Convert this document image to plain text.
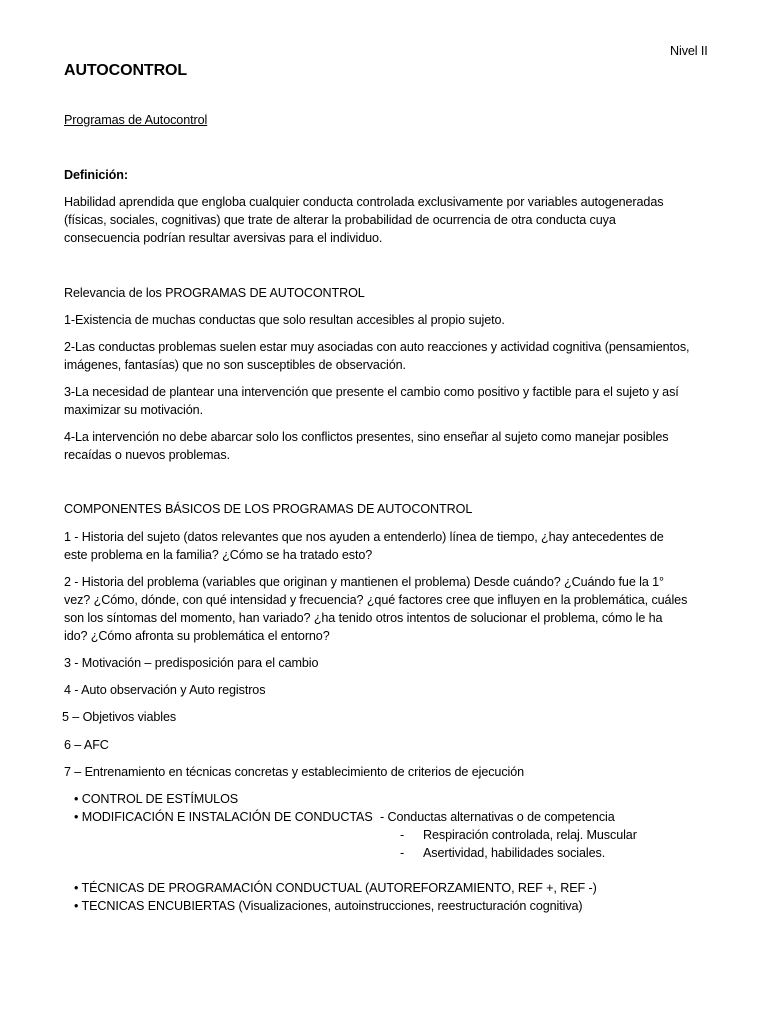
Nivel II
AUTOCONTROL
Programas de Autocontrol
Definición:
Habilidad aprendida que engloba cualquier conducta controlada exclusivamente por variables autogeneradas
(físicas, sociales, cognitivas) que trate de alterar la probabilidad de ocurrencia de otra conducta cuya
consecuencia podrían resultar aversivas para el individuo.
Relevancia de los PROGRAMAS DE AUTOCONTROL
1-Existencia de muchas conductas que solo resultan accesibles al propio sujeto.
2-Las conductas problemas suelen estar muy asociadas con auto reacciones y actividad cognitiva (pensamientos,
imágenes, fantasías) que no son susceptibles de observación.
3-La necesidad de plantear una intervención que presente el cambio como positivo y factible para el sujeto y así
maximizar su motivación.
4-La intervención no debe abarcar solo los conflictos presentes, sino enseñar al sujeto como manejar posibles
recaídas o nuevos problemas.
COMPONENTES BÁSICOS DE LOS PROGRAMAS DE AUTOCONTROL
1 - Historia del sujeto (datos relevantes que nos ayuden a entenderlo) línea de tiempo, ¿hay antecedentes de
este problema en la familia? ¿Cómo se ha tratado esto?
2 - Historia del problema (variables que originan y mantienen el problema) Desde cuándo? ¿Cuándo fue la 1°
vez? ¿Cómo, dónde, con qué intensidad y frecuencia? ¿qué factores cree que influyen en la problemática, cuáles
son los síntomas del momento, han variado? ¿ha tenido otros intentos de solucionar el problema, cómo le ha
ido? ¿Cómo afronta su problemática el entorno?
3 - Motivación – predisposición para el cambio
4 - Auto observación y Auto registros
5 – Objetivos viables
6 – AFC
7 – Entrenamiento en técnicas concretas y establecimiento de criterios de ejecución
• CONTROL DE ESTÍMULOS
• MODIFICACIÓN E INSTALACIÓN DE CONDUCTAS - Conductas alternativas o de competencia
- Respiración controlada, relaj. Muscular
- Asertividad, habilidades sociales.
• TÉCNICAS DE PROGRAMACIÓN CONDUCTUAL (AUTOREFORZAMIENTO, REF +, REF -)
• TECNICAS ENCUBIERTAS (Visualizaciones, autoinstrucciones, reestructuración cognitiva)
